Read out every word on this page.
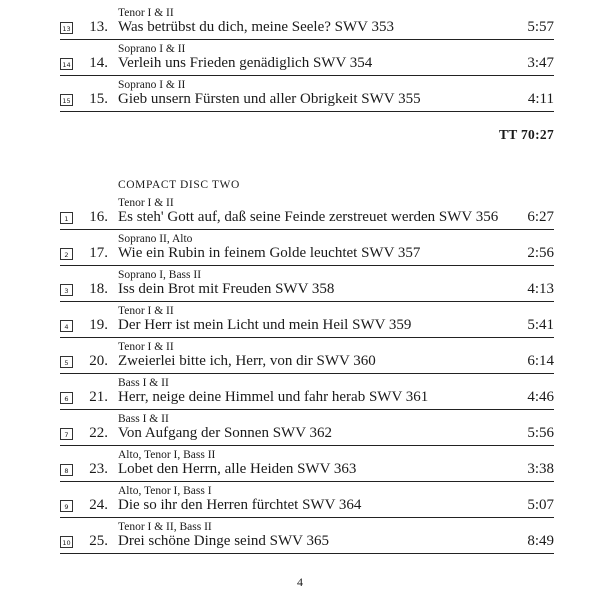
Tenor I & II
13	13. Was betrübst du dich, meine Seele? SWV 353	5:57
Soprano I & II
14	14. Verleih uns Frieden genädiglich SWV 354	3:47
Soprano I & II
15	15. Gieb unsern Fürsten und aller Obrigkeit SWV 355	4:11
TT 70:27
COMPACT DISC TWO
Tenor I & II
1	16. Es steh' Gott auf, daß seine Feinde zerstreuet werden SWV 356 6:27
Soprano II, Alto
2	17. Wie ein Rubin in feinem Golde leuchtet SWV 357	2:56
Soprano I, Bass II
3	18. Iss dein Brot mit Freuden SWV 358	4:13
Tenor I & II
4	19. Der Herr ist mein Licht und mein Heil SWV 359	5:41
Tenor I & II
5	20. Zweierlei bitte ich, Herr, von dir SWV 360	6:14
Bass I & II
6	21. Herr, neige deine Himmel und fahr herab SWV 361	4:46
Bass I & II
7	22. Von Aufgang der Sonnen SWV 362	5:56
Alto, Tenor I, Bass II
8	23. Lobet den Herrn, alle Heiden SWV 363	3:38
Alto, Tenor I, Bass I
9	24. Die so ihr den Herren fürchtet SWV 364	5:07
Tenor I & II, Bass II
10	25. Drei schöne Dinge seind SWV 365	8:49
4
